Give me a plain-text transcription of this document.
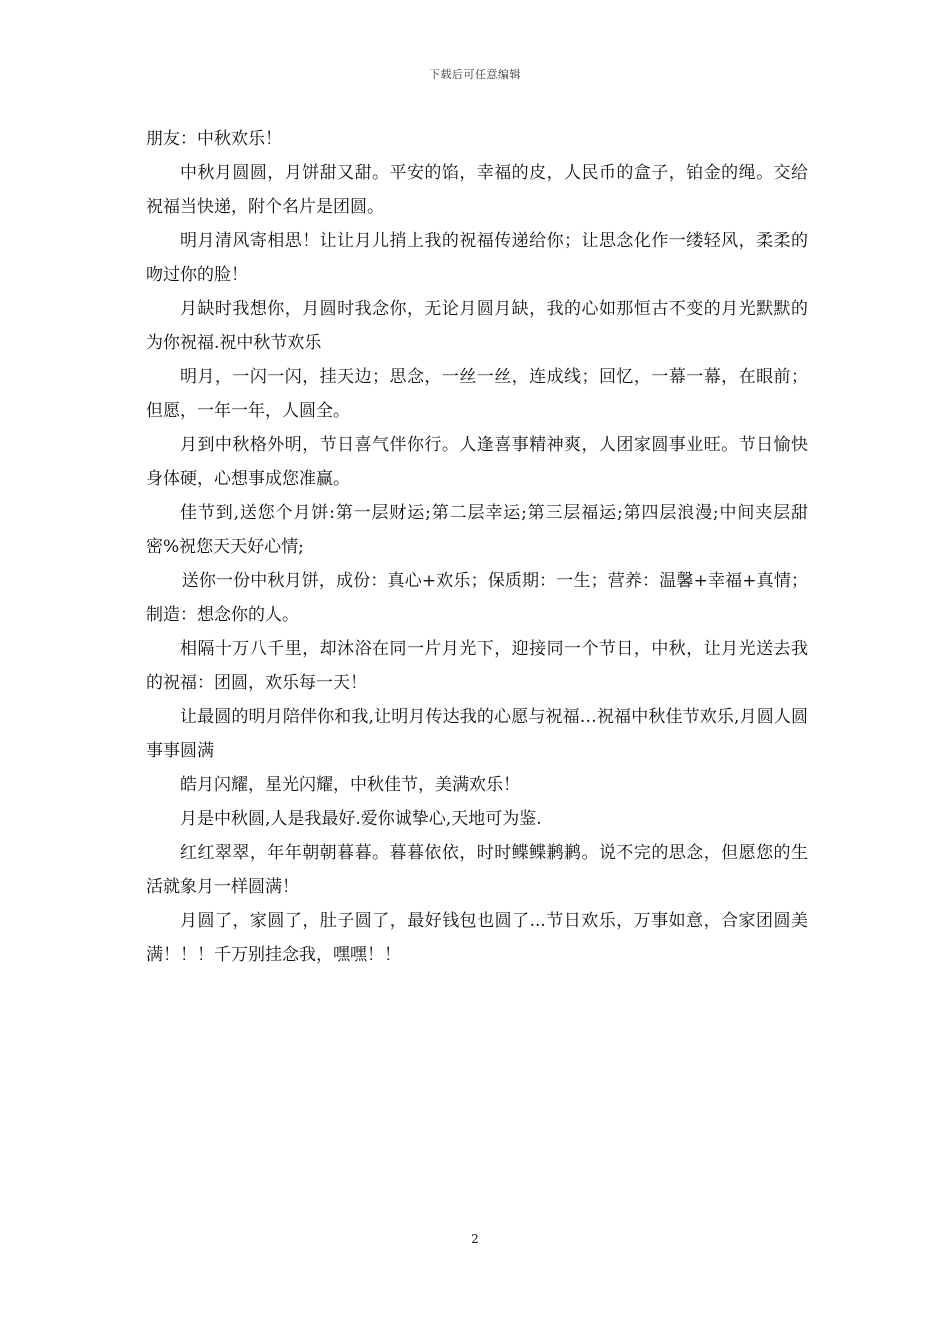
下载后可任意编辑

朋友：中秋欢乐！

中秋月圆圆，月饼甜又甜。平安的馅，幸福的皮，人民币的盒子，铂金的绳。交给祝福当快递，附个名片是团圆。

明月清风寄相思！让让月儿捎上我的祝福传递给你；让思念化作一缕轻风，柔柔的吻过你的脸！

月缺时我想你，月圆时我念你，无论月圆月缺，我的心如那恒古不变的月光默默的为你祝福.祝中秋节欢乐

明月，一闪一闪，挂天边；思念，一丝一丝，连成线；回忆，一幕一幕，在眼前；但愿，一年一年，人圆全。

月到中秋格外明，节日喜气伴你行。人逢喜事精神爽，人团家圆事业旺。节日愉快身体硬，心想事成您准赢。

佳节到,送您个月饼:第一层财运;第二层幸运;第三层福运;第四层浪漫;中间夹层甜密%祝您天天好心情;

送你一份中秋月饼，成份：真心+欢乐；保质期：一生；营养：温馨+幸福+真情；制造：想念你的人。

相隔十万八千里，却沐浴在同一片月光下，迎接同一个节日，中秋，让月光送去我的祝福：团圆，欢乐每一天！

让最圆的明月陪伴你和我,让明月传达我的心愿与祝福…祝福中秋佳节欢乐,月圆人圆事事圆满

皓月闪耀，星光闪耀，中秋佳节，美满欢乐！

月是中秋圆,人是我最好.爱你诚挚心,天地可为鉴.

红红翠翠，年年朝朝暮暮。暮暮依依，时时鲽鲽鹣鹣。说不完的思念，但愿您的生活就象月一样圆满！

月圆了，家圆了，肚子圆了，最好钱包也圆了...节日欢乐，万事如意，合家团圆美满！！！千万别挂念我，嘿嘿！！

2
